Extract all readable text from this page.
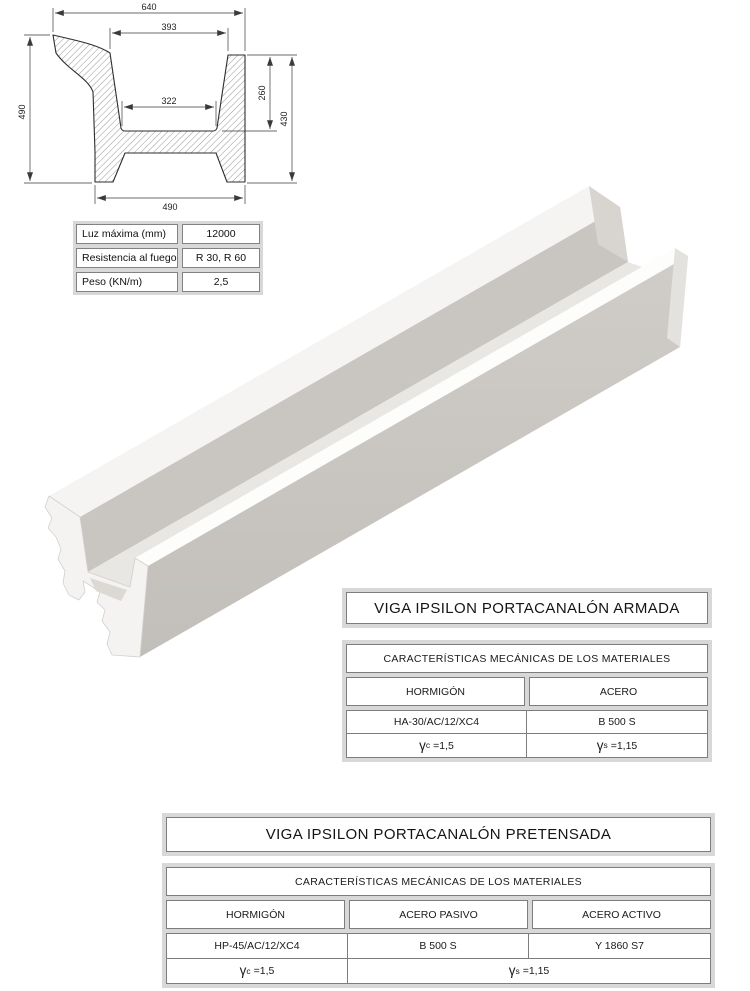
640
393
322
490
260
430
490
Luz máxima (mm)	12000
Resistencia al fuego	R 30, R 60
Peso (KN/m)	2,5
VIGA IPSILON PORTACANALÓN ARMADA
CARACTERÍSTICAS MECÁNICAS DE LOS MATERIALES
HORMIGÓN	ACERO
HA-30/AC/12/XC4	B 500 S
γ c =1,5	γ s =1,15
VIGA IPSILON PORTACANALÓN PRETENSADA
CARACTERÍSTICAS MECÁNICAS DE LOS MATERIALES
HORMIGÓN	ACERO PASIVO	ACERO ACTIVO
HP-45/AC/12/XC4	B 500 S	Y 1860 S7
γ c =1,5	γ s =1,15
